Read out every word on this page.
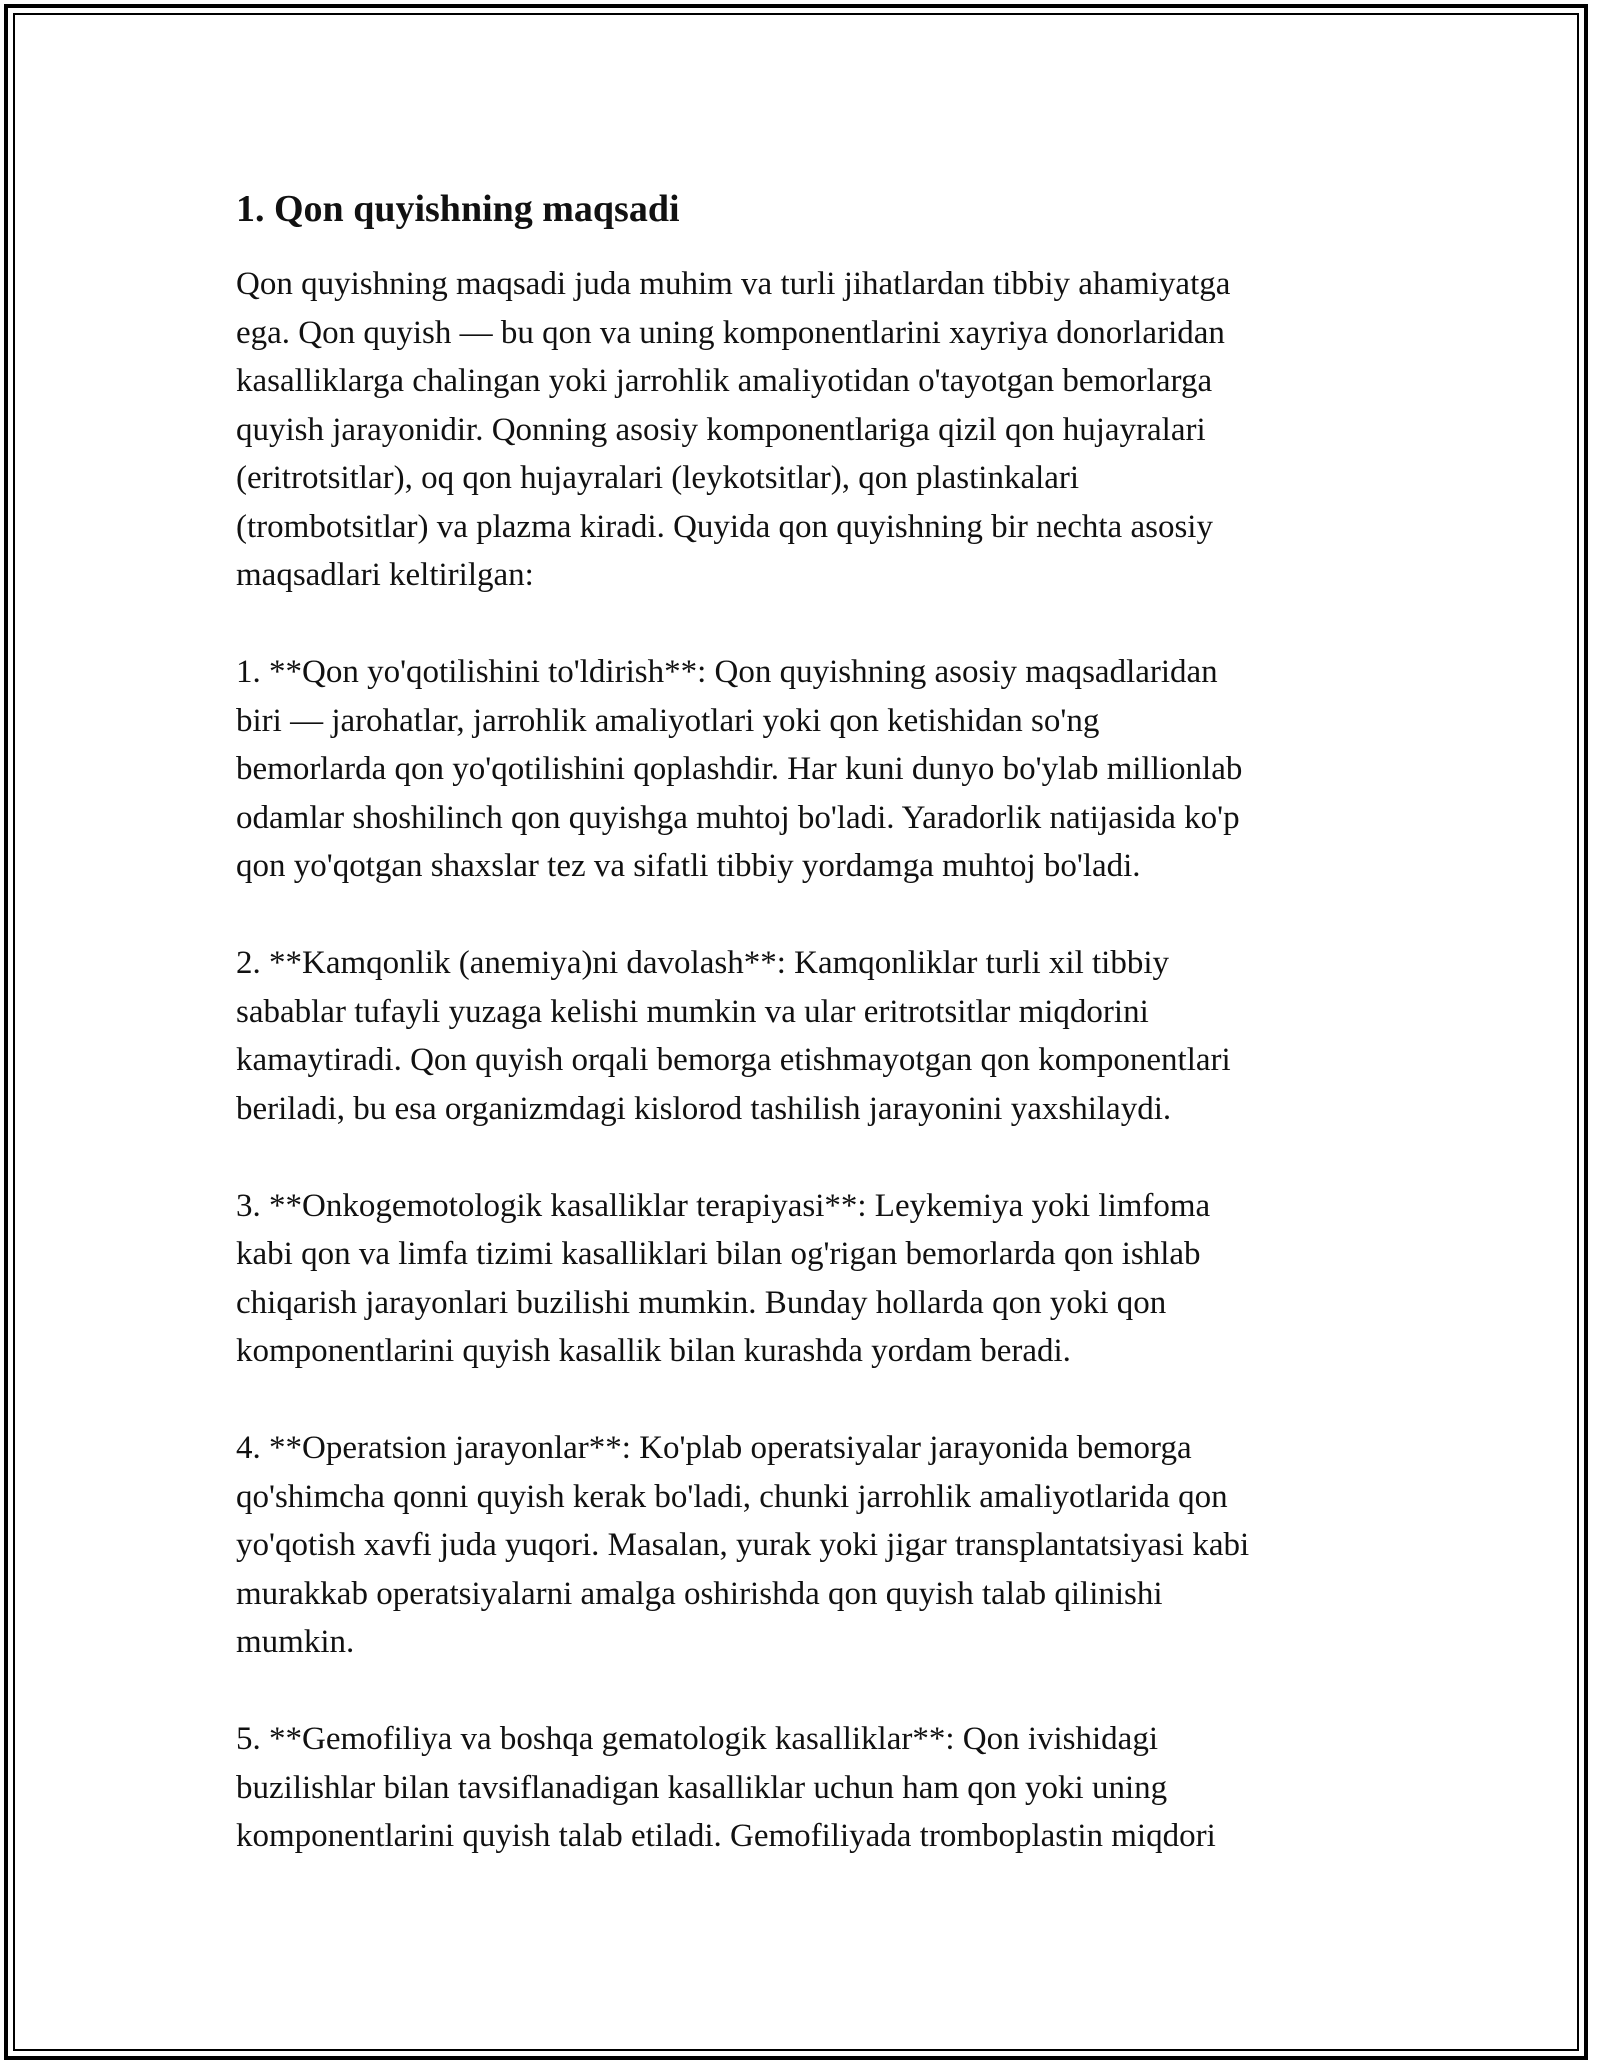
1. Qon quyishning maqsadi

Qon quyishning maqsadi juda muhim va turli jihatlardan tibbiy ahamiyatga
ega. Qon quyish — bu qon va uning komponentlarini xayriya donorlaridan
kasalliklarga chalingan yoki jarrohlik amaliyotidan o'tayotgan bemorlarga
quyish jarayonidir. Qonning asosiy komponentlariga qizil qon hujayralari
(eritrotsitlar), oq qon hujayralari (leykotsitlar), qon plastinkalari
(trombotsitlar) va plazma kiradi. Quyida qon quyishning bir nechta asosiy
maqsadlari keltirilgan:

1. **Qon yo'qotilishini to'ldirish**: Qon quyishning asosiy maqsadlaridan
biri — jarohatlar, jarrohlik amaliyotlari yoki qon ketishidan so'ng
bemorlarda qon yo'qotilishini qoplashdir. Har kuni dunyo bo'ylab millionlab
odamlar shoshilinch qon quyishga muhtoj bo'ladi. Yaradorlik natijasida ko'p
qon yo'qotgan shaxslar tez va sifatli tibbiy yordamga muhtoj bo'ladi.

2. **Kamqonlik (anemiya)ni davolash**: Kamqonliklar turli xil tibbiy
sabablar tufayli yuzaga kelishi mumkin va ular eritrotsitlar miqdorini
kamaytiradi. Qon quyish orqali bemorga etishmayotgan qon komponentlari
beriladi, bu esa organizmdagi kislorod tashilish jarayonini yaxshilaydi.

3. **Onkogemotologik kasalliklar terapiyasi**: Leykemiya yoki limfoma
kabi qon va limfa tizimi kasalliklari bilan og'rigan bemorlarda qon ishlab
chiqarish jarayonlari buzilishi mumkin. Bunday hollarda qon yoki qon
komponentlarini quyish kasallik bilan kurashda yordam beradi.

4. **Operatsion jarayonlar**: Ko'plab operatsiyalar jarayonida bemorga
qo'shimcha qonni quyish kerak bo'ladi, chunki jarrohlik amaliyotlarida qon
yo'qotish xavfi juda yuqori. Masalan, yurak yoki jigar transplantatsiyasi kabi
murakkab operatsiyalarni amalga oshirishda qon quyish talab qilinishi
mumkin.

5. **Gemofiliya va boshqa gematologik kasalliklar**: Qon ivishidagi
buzilishlar bilan tavsiflanadigan kasalliklar uchun ham qon yoki uning
komponentlarini quyish talab etiladi. Gemofiliyada tromboplastin miqdori
